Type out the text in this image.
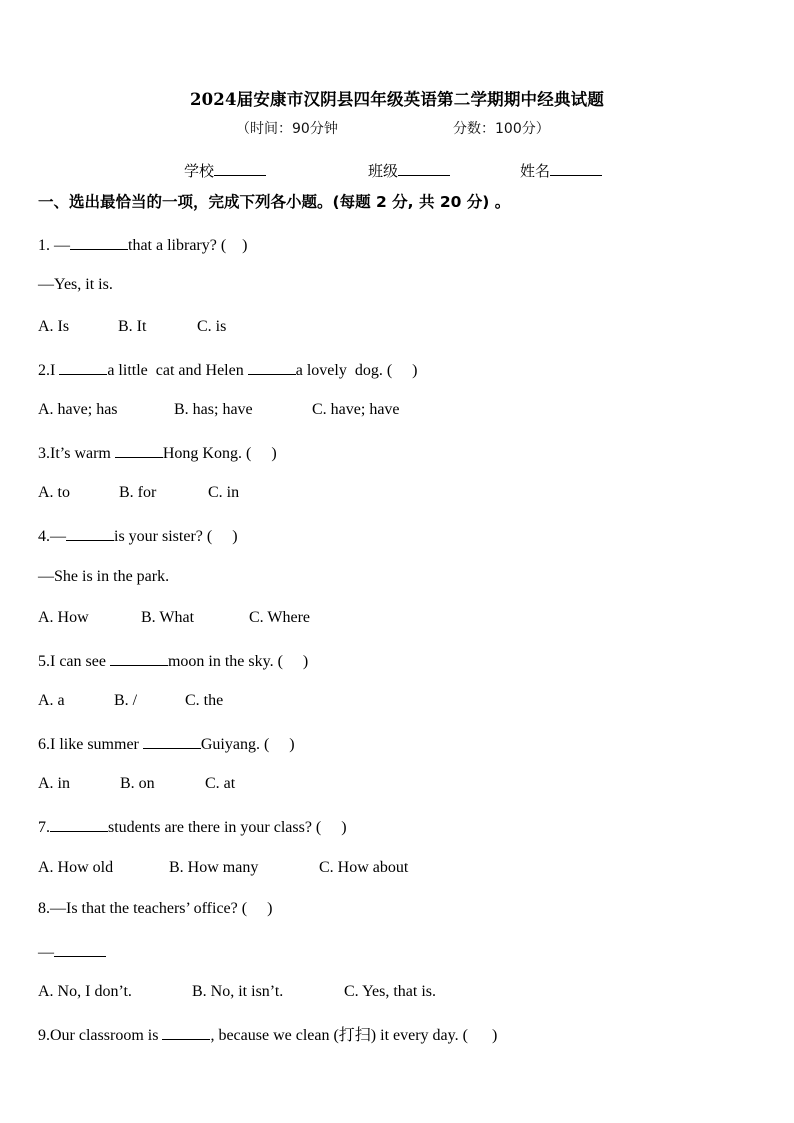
2024届安康市汉阴县四年级英语第二学期期中经典试题
（时间：90分钟	分数：100分）
学校	班级	姓名
一、选出最恰当的一项，完成下列各小题。(每题 2 分, 共 20 分) 。
1. —	that a library? (    )
—Yes, it is.
A. Is	B. It	C. is
2.I	a little  cat and Helen	a lovely  dog. (     )
A. have; has	B. has; have	C. have; have
3.It’s warm	Hong Kong. (     )
A. to	B. for	C. in
4.—	is your sister? (     )
—She is in the park.
A. How	B. What	C. Where
5.I can see	moon in the sky. (     )
A. a	B. /	C. the
6.I like summer	Guiyang. (     )
A. in	B. on	C. at
7.	students are there in your class? (     )
A. How old	B. How many	C. How about
8.—Is that the teachers’ office? (     )
—
A. No, I don’t.	B. No, it isn’t.	C. Yes, that is.
9.Our classroom is	, because we clean (打扫) it every day. (      )
